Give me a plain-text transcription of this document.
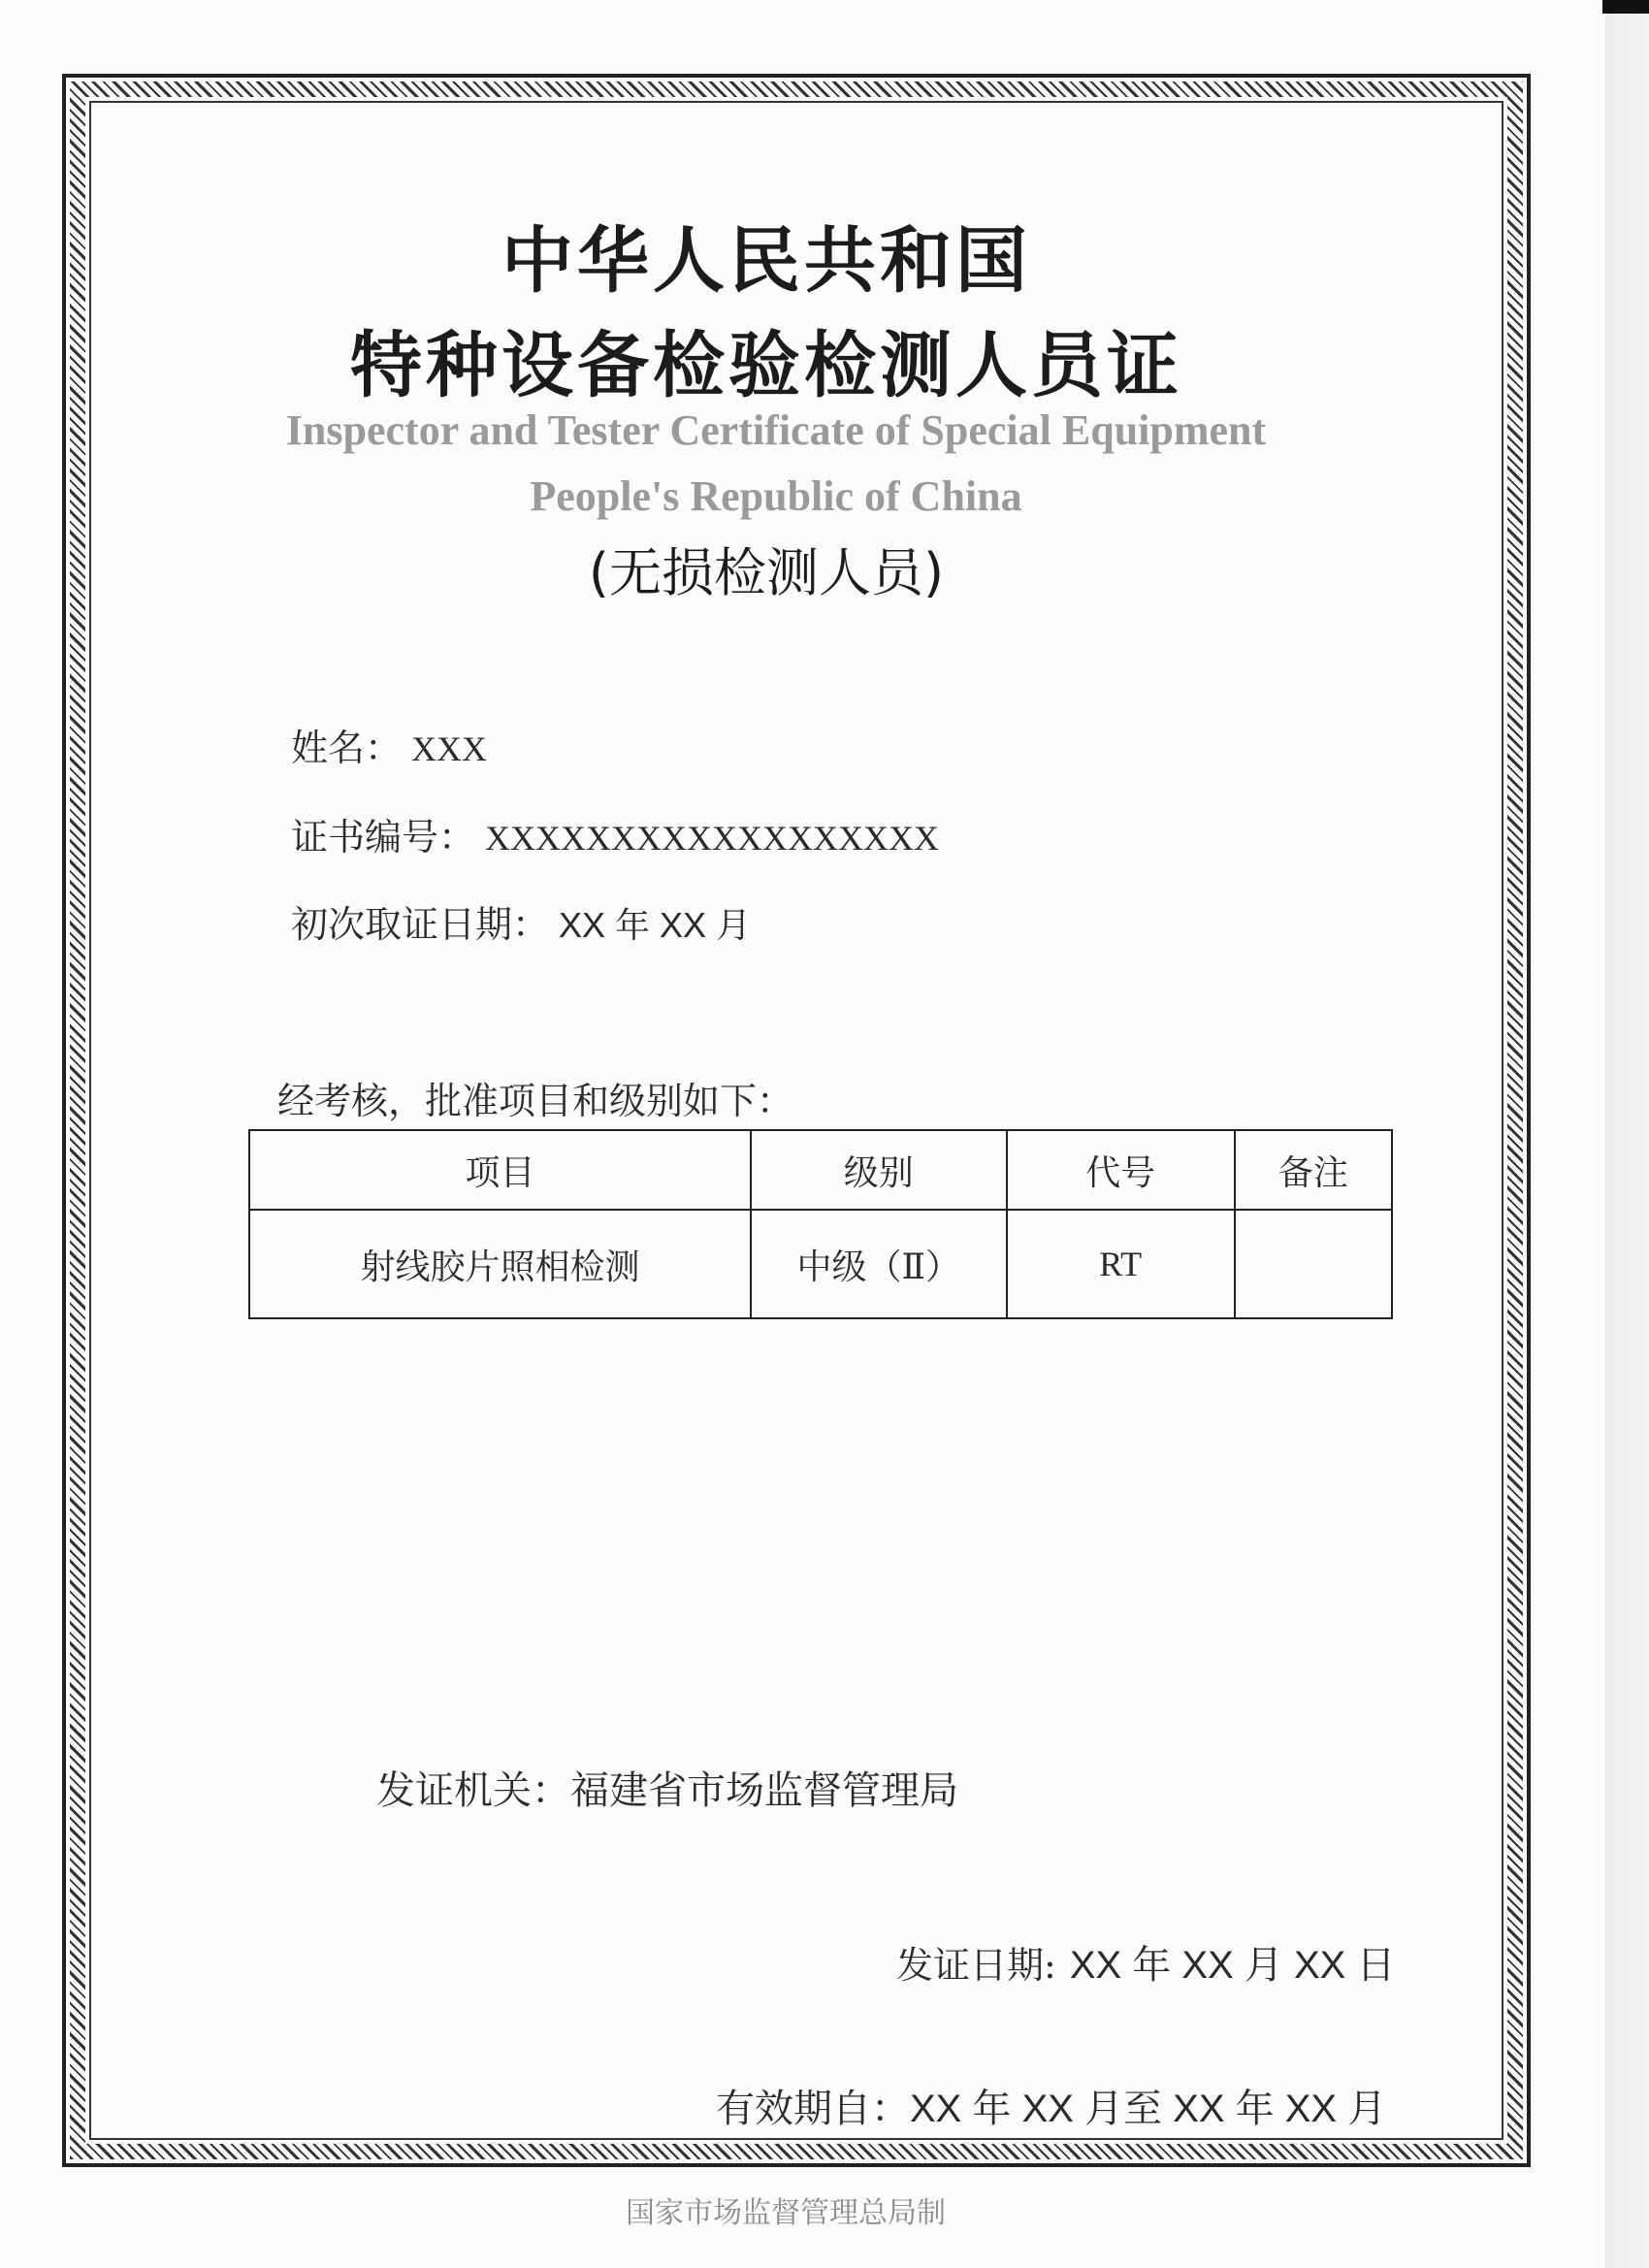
中华人民共和国
特种设备检验检测人员证
Inspector and Tester Certificate of Special Equipment
People's Republic of China
(无损检测人员)
姓名： XXX
证书编号： XXXXXXXXXXXXXXXXXX
初次取证日期： XX 年 XX 月
经考核，批准项目和级别如下：
项目	级别	代号	备注
射线胶片照相检测	中级（Ⅱ）	RT	
发证机关：福建省市场监督管理局
发证日期: XX 年 XX 月 XX 日
有效期自：XX 年 XX 月至 XX 年 XX 月
国家市场监督管理总局制
